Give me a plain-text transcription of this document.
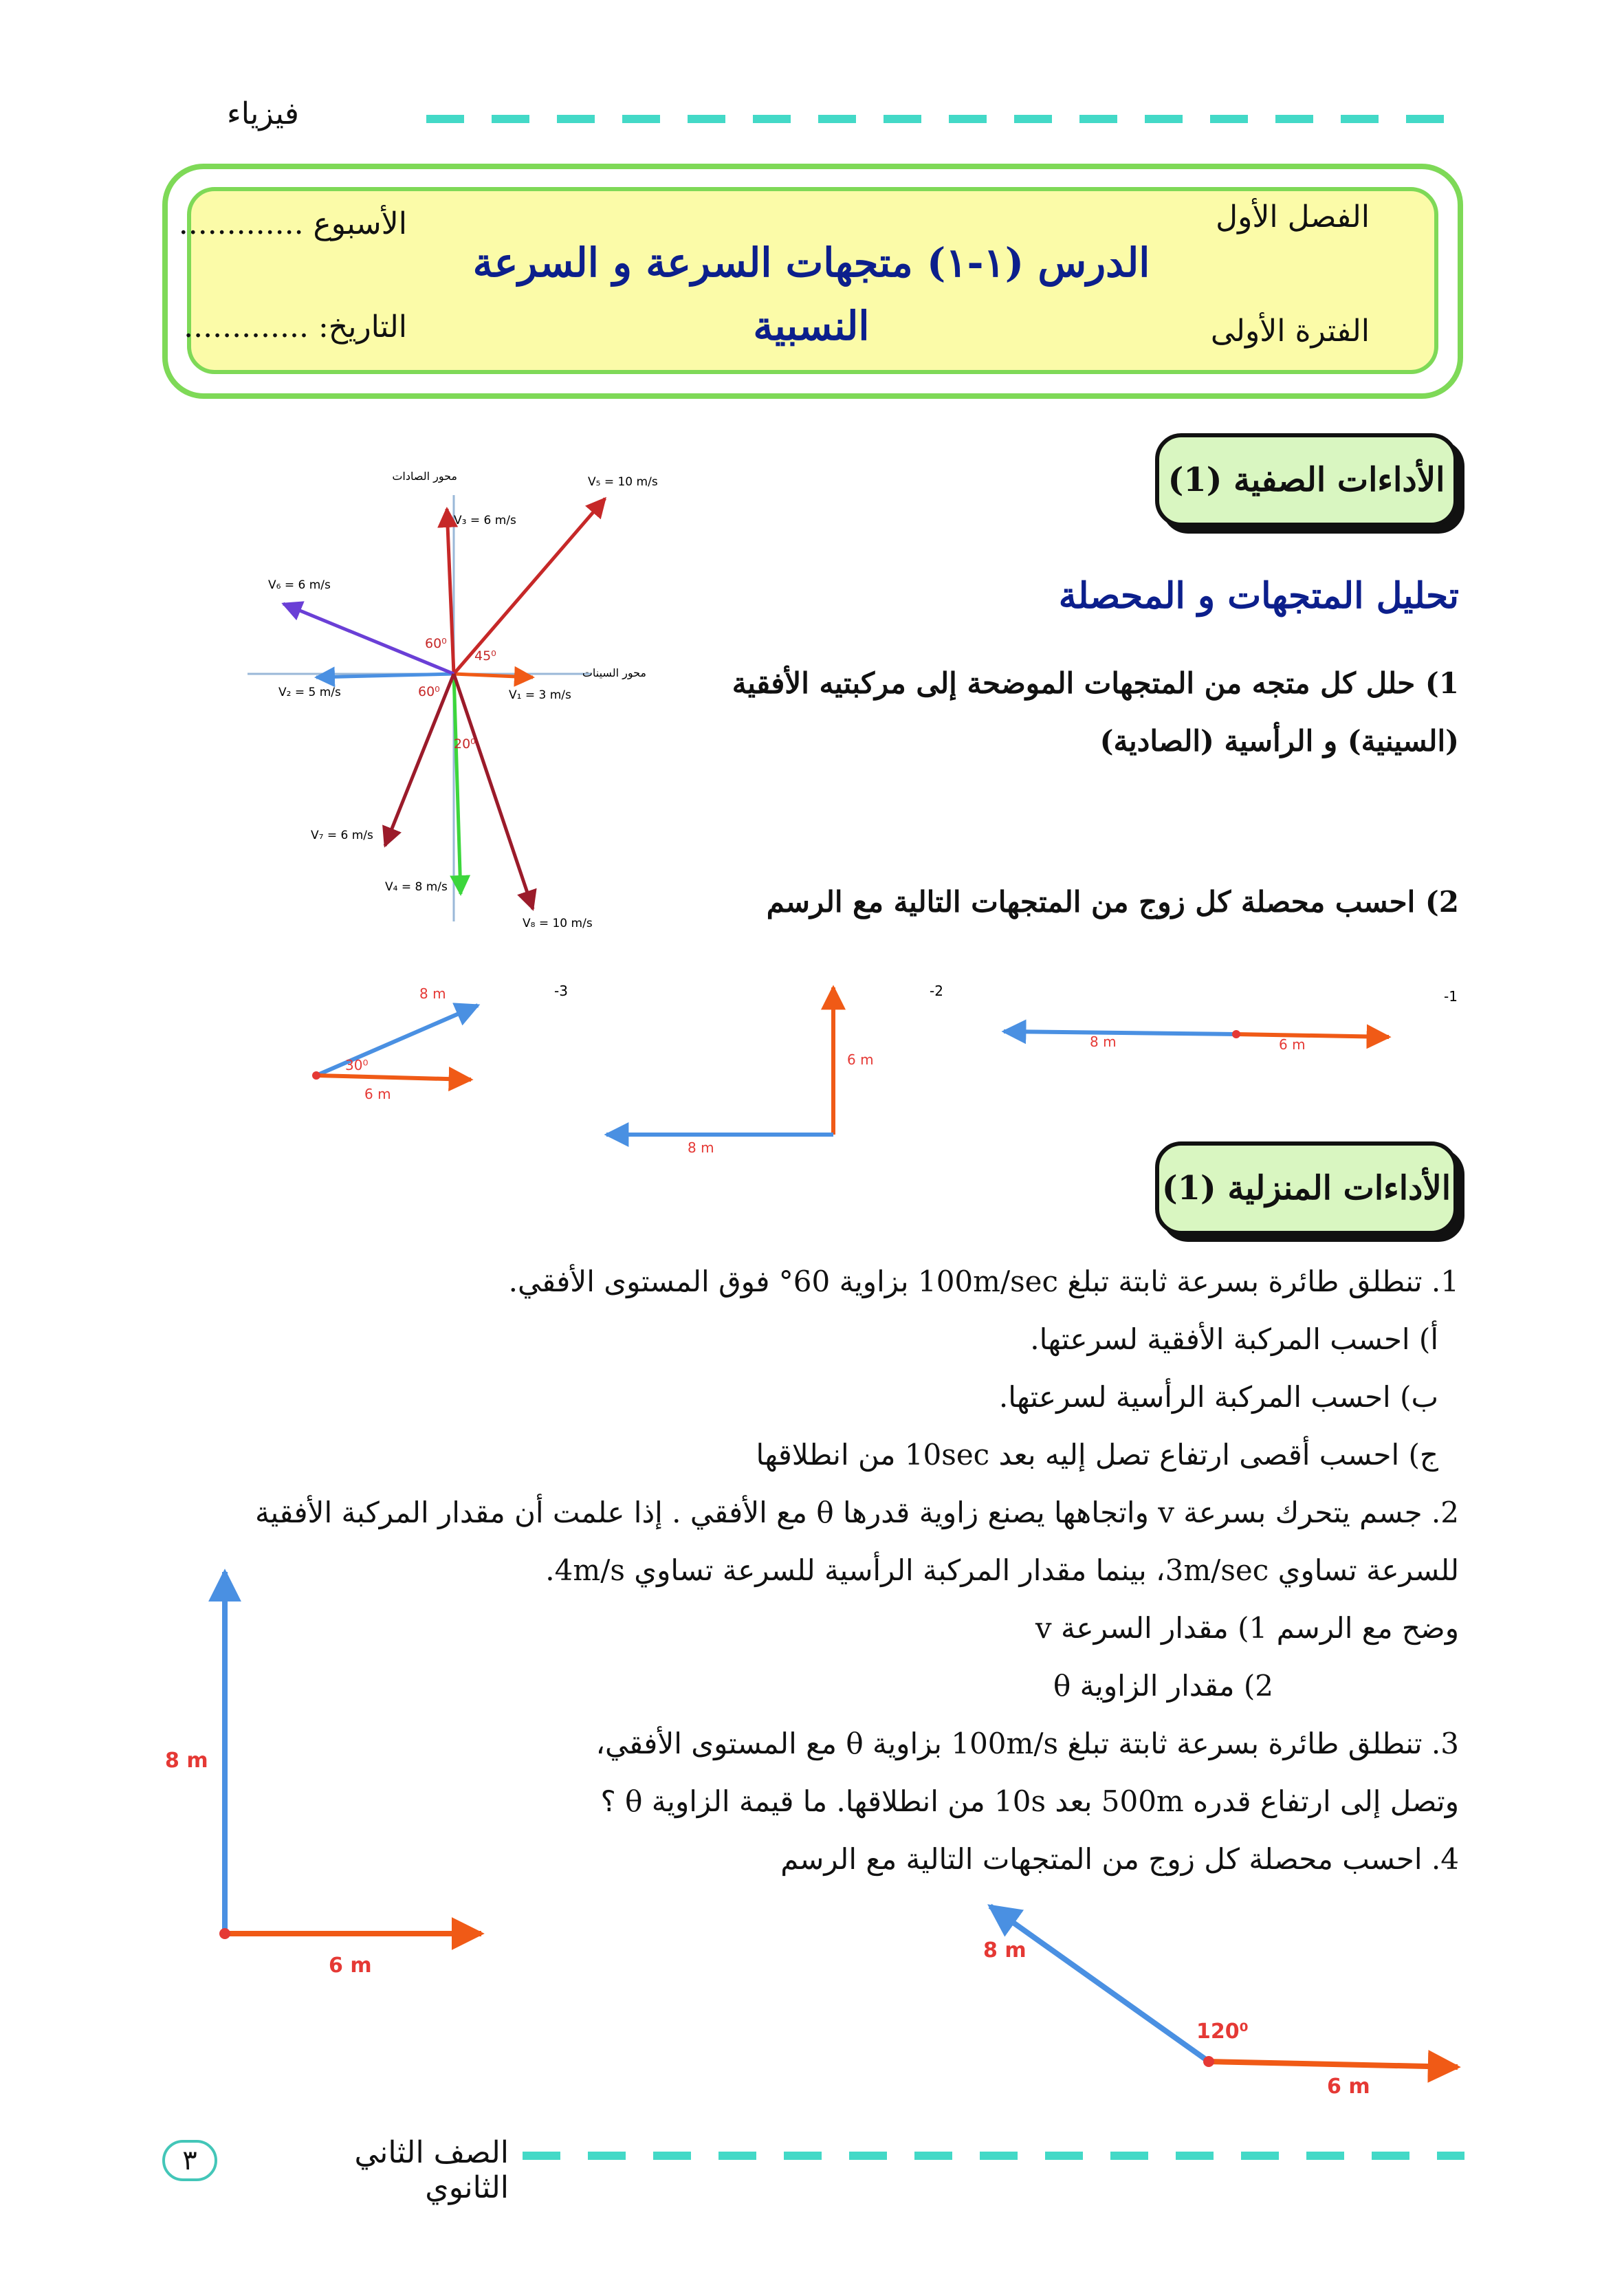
فيزياء
الفصل الأول
الفترة الأولى
الأسبوع .............
التاريخ: .............
الدرس (١-١) متجهات السرعة و السرعة
النسبية
الأداءات الصفية (1)
تحليل المتجهات و المحصلة
1) حلل كل متجه من المتجهات الموضحة إلى مركبتيه الأفقية
(السينية) و الرأسية (الصادية)
2) احسب محصلة كل زوج من المتجهات التالية مع الرسم
محور الصادات
محور السينات
V₁ = 3 m/s
V₂ = 5 m/s
V₃ = 6 m/s
V₄ = 8 m/s
V₅ = 10 m/s
V₆ = 6 m/s
V₇ = 6 m/s
V₈ = 10 m/s
60⁰
45⁰
60⁰
20⁰
-1
8 m	6 m
-2
6 m
8 m
-3
8 m
30⁰
6 m
الأداءات المنزلية (1)
1. تنطلق طائرة بسرعة ثابتة تبلغ 100m/sec بزاوية 60° فوق المستوى الأفقي.
أ) احسب المركبة الأفقية لسرعتها.
ب) احسب المركبة الرأسية لسرعتها.
ج) احسب أقصى ارتفاع تصل إليه بعد 10sec من انطلاقها
2. جسم يتحرك بسرعة v واتجاهها يصنع زاوية قدرها θ مع الأفقي . إذا علمت أن مقدار المركبة الأفقية
للسرعة تساوي 3m/sec، بينما مقدار المركبة الرأسية للسرعة تساوي 4m/s.
وضح مع الرسم 1) مقدار السرعة v
2) مقدار الزاوية θ
3. تنطلق طائرة بسرعة ثابتة تبلغ 100m/s بزاوية θ مع المستوى الأفقي،
وتصل إلى ارتفاع قدره 500m بعد 10s من انطلاقها. ما قيمة الزاوية θ ؟
4. احسب محصلة كل زوج من المتجهات التالية مع الرسم
8 m
6 m
8 m
120⁰
6 m
٣	الصف الثاني الثانوي
